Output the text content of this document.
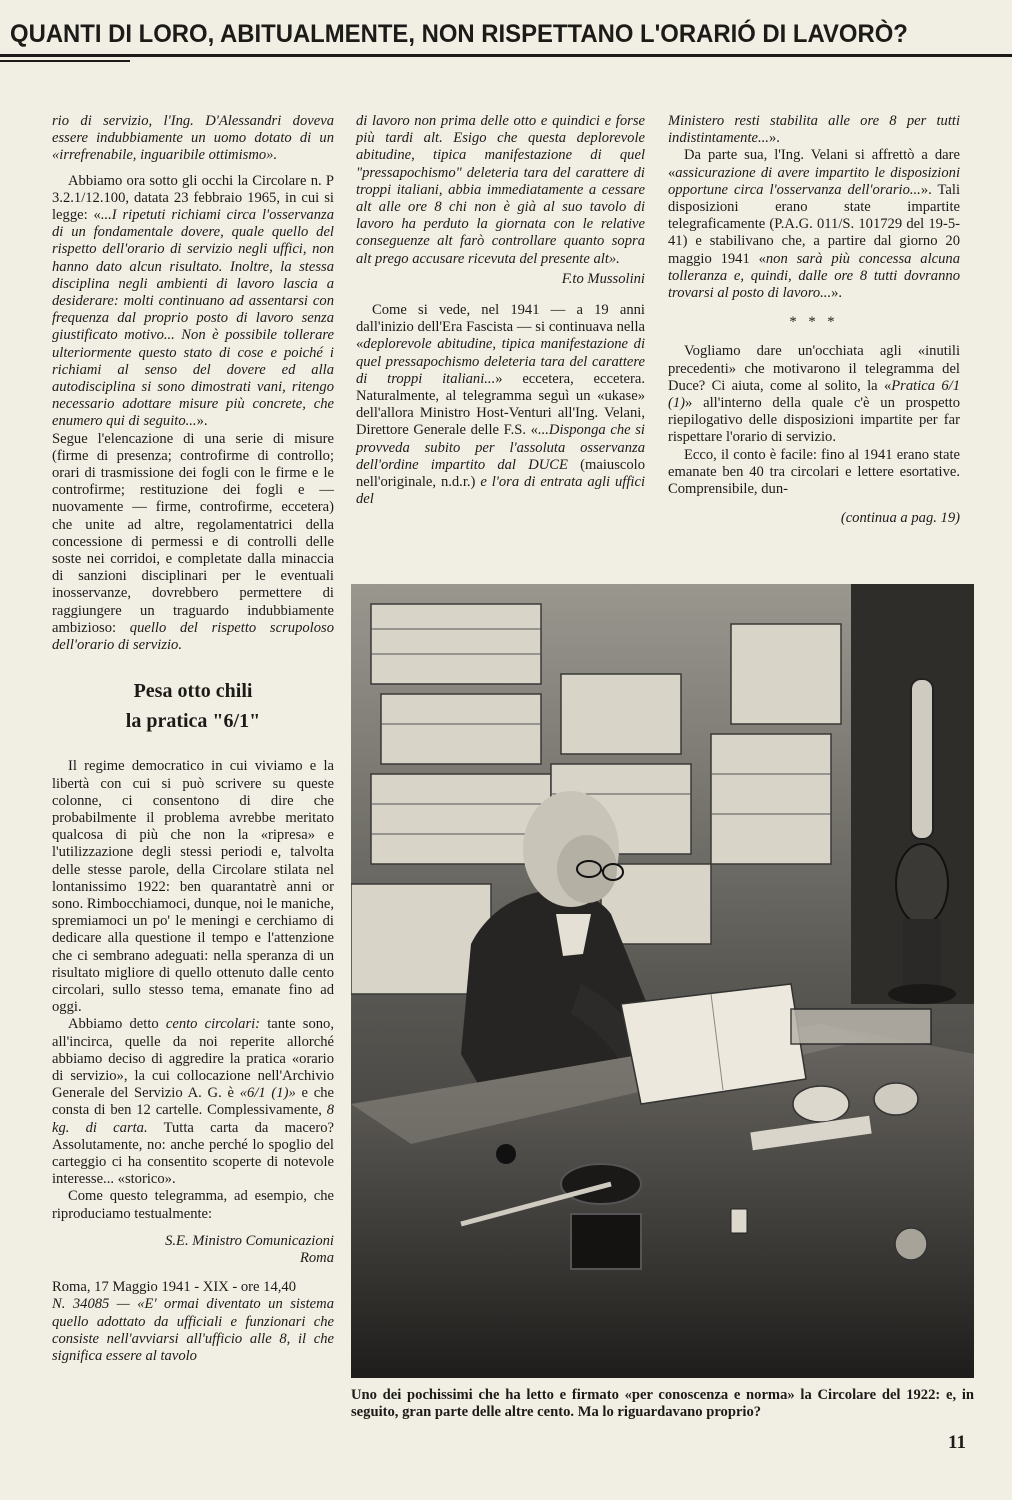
QUANTI DI LORO, ABITUALMENTE, NON RISPETTANO L'ORARIÓ DI LAVORÒ?

rio di servizio, l'Ing. D'Alessandri doveva essere indubbiamente un uomo dotato di un «irrefrenabile, inguaribile ottimismo».

Abbiamo ora sotto gli occhi la Circolare n. P 3.2.1/12.100, datata 23 febbraio 1965, in cui si legge: «...I ripetuti richiami circa l'osservanza di un fondamentale dovere, quale quello del rispetto dell'orario di servizio negli uffici, non hanno dato alcun risultato. Inoltre, la stessa disciplina negli ambienti di lavoro lascia a desiderare: molti continuano ad assentarsi con frequenza dal proprio posto di lavoro senza giustificato motivo... Non è possibile tollerare ulteriormente questo stato di cose e poiché i richiami al senso del dovere ed alla autodisciplina si sono dimostrati vani, ritengo necessario adottare misure più concrete, che enumero qui di seguito...».

Segue l'elencazione di una serie di misure (firme di presenza; controfirme di controllo; orari di trasmissione dei fogli con le firme e le controfirme; restituzione dei fogli e — nuovamente — firme, controfirme, eccetera) che unite ad altre, regolamentatrici della concessione di permessi e di controlli delle soste nei corridoi, e completate dalla minaccia di sanzioni disciplinari per le eventuali inosservanze, dovrebbero permettere di raggiungere un traguardo indubbiamente ambizioso: quello del rispetto scrupoloso dell'orario di servizio.

Pesa otto chili
la pratica "6/1"

Il regime democratico in cui viviamo e la libertà con cui si può scrivere su queste colonne, ci consentono di dire che probabilmente il problema avrebbe meritato qualcosa di più che non la «ripresa» e l'utilizzazione degli stessi periodi e, talvolta delle stesse parole, della Circolare stilata nel lontanissimo 1922: ben quarantatrè anni or sono. Rimbocchiamoci, dunque, noi le maniche, spremiamoci un po' le meningi e cerchiamo di dedicare alla questione il tempo e l'attenzione che ci sembrano adeguati: nella speranza di un risultato migliore di quello ottenuto dalle cento circolari, sullo stesso tema, emanate fino ad oggi.

Abbiamo detto cento circolari: tante sono, all'incirca, quelle da noi reperite allorché abbiamo deciso di aggredire la pratica «orario di servizio», la cui collocazione nell'Archivio Generale del Servizio A. G. è «6/1 (1)» e che consta di ben 12 cartelle. Complessivamente, 8 kg. di carta. Tutta carta da macero? Assolutamente, no: anche perché lo spoglio del carteggio ci ha consentito scoperte di notevole interesse... «storico».

Come questo telegramma, ad esempio, che riproduciamo testualmente:

S.E. Ministro Comunicazioni
Roma

Roma, 17 Maggio 1941 - XIX - ore 14,40

N. 34085 — «E' ormai diventato un sistema quello adottato da ufficiali e funzionari che consiste nell'avviarsi all'ufficio alle 8, il che significa essere al tavolo

di lavoro non prima delle otto e quindici e forse più tardi alt. Esigo che questa deplorevole abitudine, tipica manifestazione di quel "pressapochismo" deleteria tara del carattere di troppi italiani, abbia immediatamente a cessare alt alle ore 8 chi non è già al suo tavolo di lavoro ha perduto la giornata con le relative conseguenze alt farò controllare quanto sopra alt prego accusare ricevuta del presente alt».

F.to Mussolini

Come si vede, nel 1941 — a 19 anni dall'inizio dell'Era Fascista — si continuava nella «deplorevole abitudine, tipica manifestazione di quel pressapochismo deleteria tara del carattere di troppi italiani...» eccetera, eccetera. Naturalmente, al telegramma seguì un «ukase» dell'allora Ministro Host-Venturi all'Ing. Velani, Direttore Generale delle F.S. «...Disponga che si provveda subito per l'assoluta osservanza dell'ordine impartito dal DUCE (maiuscolo nell'originale, n.d.r.) e l'ora di entrata agli uffici del

Ministero resti stabilita alle ore 8 per tutti indistintamente...».

Da parte sua, l'Ing. Velani si affrettò a dare «assicurazione di avere impartito le disposizioni opportune circa l'osservanza dell'orario...». Tali disposizioni erano state impartite telegraficamente (P.A.G. 011/S. 101729 del 19-5-41) e stabilivano che, a partire dal giorno 20 maggio 1941 «non sarà più concessa alcuna tolleranza e, quindi, dalle ore 8 tutti dovranno trovarsi al posto di lavoro...».

* * *

Vogliamo dare un'occhiata agli «inutili precedenti» che motivarono il telegramma del Duce? Ci aiuta, come al solito, la «Pratica 6/1 (1)» all'interno della quale c'è un prospetto riepilogativo delle disposizioni impartite per far rispettare l'orario di servizio.

Ecco, il conto è facile: fino al 1941 erano state emanate ben 40 tra circolari e lettere esortative. Comprensibile, dun-

(continua a pag. 19)

Uno dei pochissimi che ha letto e firmato «per conoscenza e norma» la Circolare del 1922: e, in seguito, gran parte delle altre cento. Ma lo riguardavano proprio?
11
